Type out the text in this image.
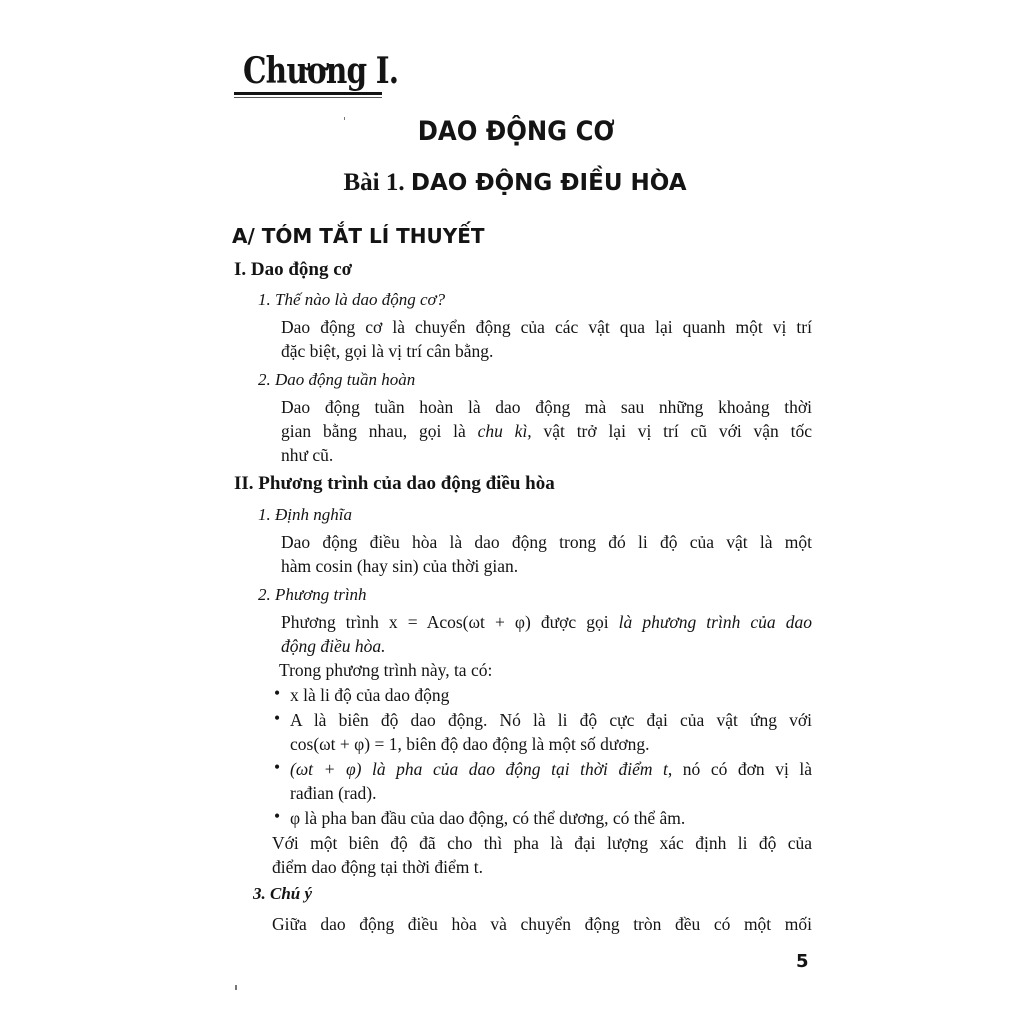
Chương I.
DAO ĐỘNG CƠ
Bài 1. DAO ĐỘNG ĐIỀU HÒA
A/ TÓM TẮT LÍ THUYẾT
I. Dao động cơ
1. Thế nào là dao động cơ?
Dao động cơ là chuyển động của các vật qua lại quanh một vị trí
đặc biệt, gọi là vị trí cân bằng.
2. Dao động tuần hoàn
Dao động tuần hoàn là dao động mà sau những khoảng thời
gian bằng nhau, gọi là chu kì, vật trở lại vị trí cũ với vận tốc
như cũ.
II. Phương trình của dao động điều hòa
1. Định nghĩa
Dao động điều hòa là dao động trong đó li độ của vật là một
hàm cosin (hay sin) của thời gian.
2. Phương trình
Phương trình x = Acos(ωt + φ) được gọi là phương trình của dao
động điều hòa.
Trong phương trình này, ta có:
• x là li độ của dao động
• A là biên độ dao động. Nó là li độ cực đại của vật ứng với
cos(ωt + φ) = 1, biên độ dao động là một số dương.
• (ωt + φ) là pha của dao động tại thời điểm t, nó có đơn vị là
rađian (rad).
• φ là pha ban đầu của dao động, có thể dương, có thể âm.
Với một biên độ đã cho thì pha là đại lượng xác định li độ của
điểm dao động tại thời điểm t.
3. Chú ý
Giữa dao động điều hòa và chuyển động tròn đều có một mối
5
